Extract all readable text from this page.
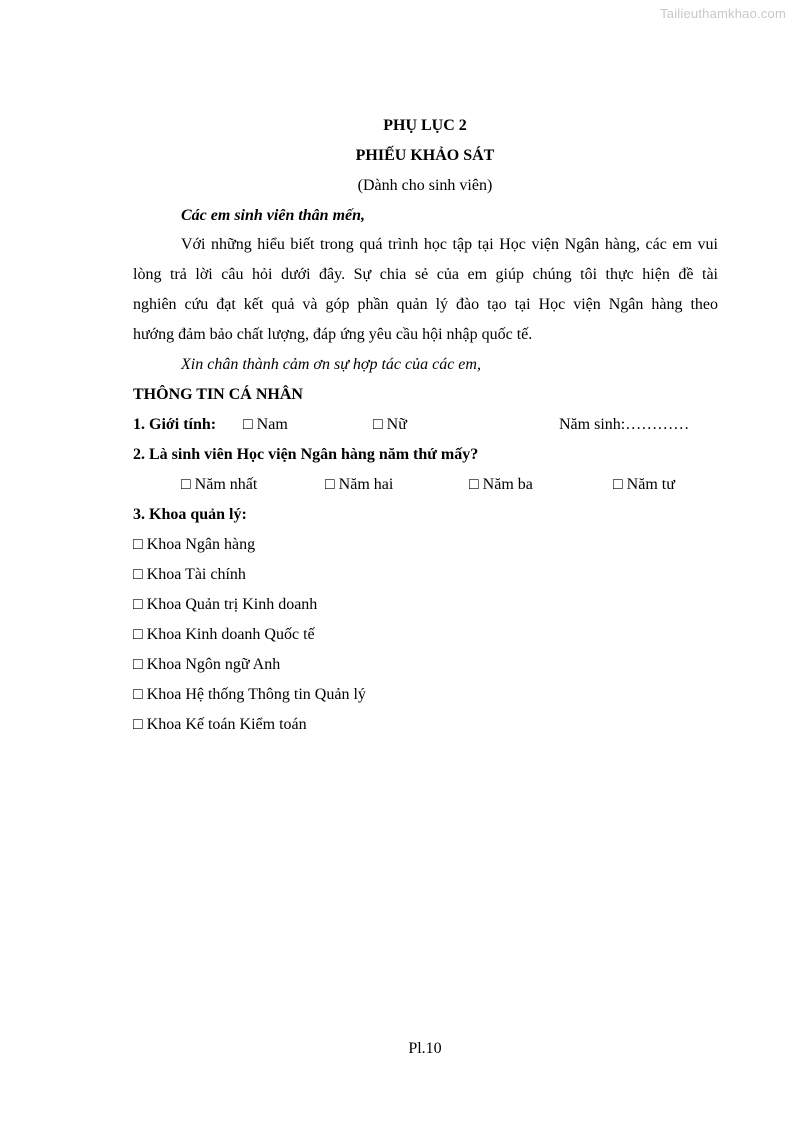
Tailieuthamkhao.com
PHỤ LỤC 2
PHIẾU KHẢO SÁT
(Dành cho sinh viên)
Các em sinh viên thân mến,
Với những hiểu biết trong quá trình học tập tại Học viện Ngân hàng, các em vui
lòng trả lời câu hỏi dưới đây. Sự chia sẻ của em giúp chúng tôi thực hiện đề tài
nghiên cứu đạt kết quả và góp phần quản lý đào tạo tại Học viện Ngân hàng theo
hướng đảm bảo chất lượng, đáp ứng yêu cầu hội nhập quốc tế.
Xin chân thành cảm ơn sự hợp tác của các em,
THÔNG TIN CÁ NHÂN
1. Giới tính: □ Nam	□ Nữ	Năm sinh:…………
2. Là sinh viên Học viện Ngân hàng năm thứ mấy?
□ Năm nhất	□ Năm hai	□ Năm ba	□ Năm tư
3. Khoa quản lý:
□ Khoa Ngân hàng
□ Khoa Tài chính
□ Khoa Quản trị Kinh doanh
□ Khoa Kinh doanh Quốc tế
□ Khoa Ngôn ngữ Anh
□ Khoa Hệ thống Thông tin Quản lý
□ Khoa Kế toán Kiểm toán
Pl.10
